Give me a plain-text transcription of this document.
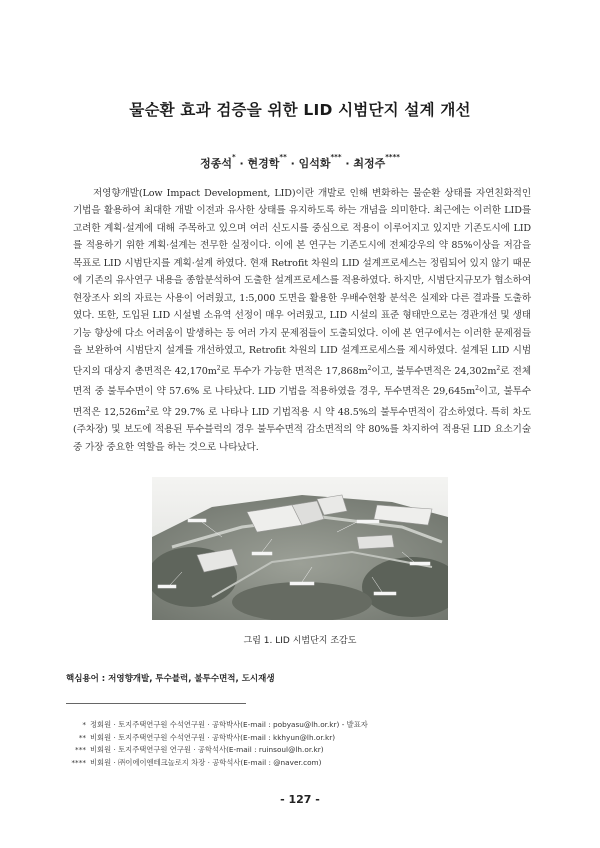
물순환 효과 검증을 위한 LID 시범단지 설계 개선
정종석* · 현경학** · 임석화*** · 최정주****

저영향개발(Low Impact Development, LID)이란 개발로 인해 변화하는 물순환 상태를 자연친화적인 기법을 활용하여 최대한 개발 이전과 유사한 상태를 유지하도록 하는 개념을 의미한다. 최근에는 이러한 LID를 고려한 계획·설계에 대해 주목하고 있으며 여러 신도시를 중심으로 적용이 이루어지고 있지만 기존도시에 LID를 적용하기 위한 계획·설계는 전무한 실정이다. 이에 본 연구는 기존도시에 전체강우의 약 85%이상을 저감을 목표로 LID 시범단지를 계획·설계 하였다. 현재 Retrofit 차원의 LID 설계프로세스는 정립되어 있지 않기 때문에 기존의 유사연구 내용을 종합분석하여 도출한 설계프로세스를 적용하였다. 하지만, 시범단지규모가 협소하여 현장조사 외의 자료는 사용이 어려웠고, 1:5,000 도면을 활용한 우배수현황 분석은 실제와 다른 결과를 도출하였다. 또한, 도입된 LID 시설별 소유역 선정이 매우 어려웠고, LID 시설의 표준 형태만으로는 경관개선 및 생태기능 향상에 다소 어려움이 발생하는 등 여러 가지 문제점들이 도출되었다. 이에 본 연구에서는 이러한 문제점들을 보완하여 시범단지 설계를 개선하였고, Retrofit 차원의 LID 설계프로세스를 제시하였다. 설계된 LID 시범단지의 대상지 총면적은 $42,170m^2$로 투수가 가능한 면적은 $17,868m^2$이고, 불투수면적은 $24,302m^2$로 전체 면적 중 불투수면이 약 57.6% 로 나타났다. LID 기법을 적용하였을 경우, 투수면적은 $29,645m^2$이고, 불투수면적은 $12,526m^2$로 약 29.7% 로 나타나 LID 기법적용 시 약 48.5%의 불투수면적이 감소하였다. 특히 차도(주차장) 및 보도에 적용된 투수블럭의 경우 불투수면적 감소면적의 약 80%를 차지하여 적용된 LID 요소기술 중 가장 중요한 역할을 하는 것으로 나타났다.

그림 1. LID 시범단지 조감도
핵심용어 : 저영향개발, 투수블럭, 불투수면적, 도시재생
* 정회원 · 토지주택연구원 수석연구원 · 공학박사(E-mail : pobyasu@lh.or.kr) - 발표자
** 비회원 · 토지주택연구원 수석연구원 · 공학박사(E-mail : kkhyun@lh.or.kr)
*** 비회원 · 토지주택연구원 연구원 · 공학석사(E-mail : ruinsoul@lh.or.kr)
**** 비회원 · ㈜이에이엔테크놀로지 차장 · 공학석사(E-mail : @naver.com)
- 127 -
